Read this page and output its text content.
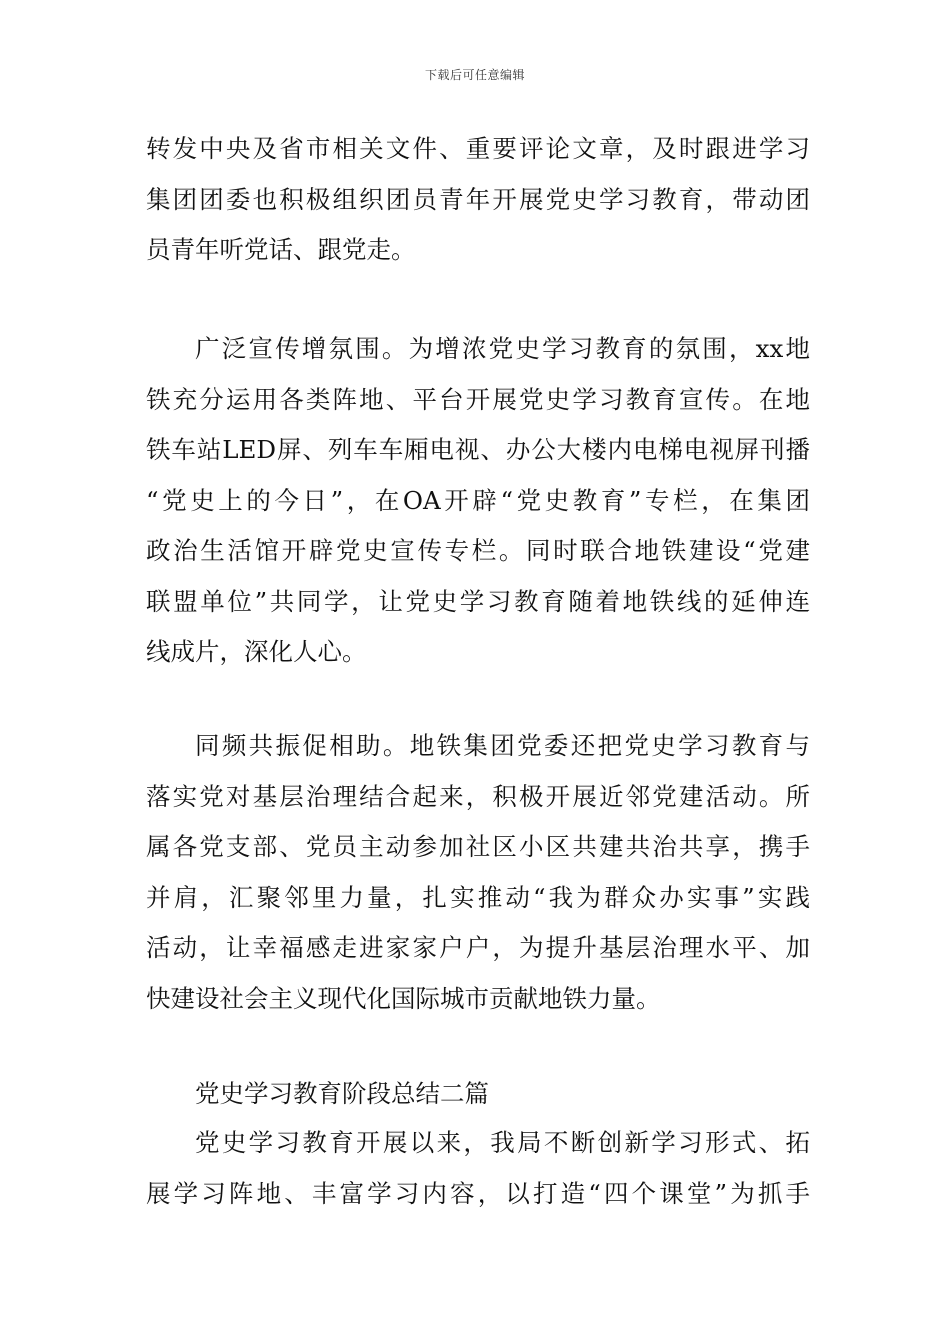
下载后可任意编辑
转发中央及省市相关文件、重要评论文章，及时跟进学习
集团团委也积极组织团员青年开展党史学习教育，带动团
员青年听党话、跟党走。
广泛宣传增氛围。为增浓党史学习教育的氛围，xx地
铁充分运用各类阵地、平台开展党史学习教育宣传。在地
铁车站LED屏、列车车厢电视、办公大楼内电梯电视屏刊播
“党史上的今日”，在OA开辟“党史教育”专栏，在集团
政治生活馆开辟党史宣传专栏。同时联合地铁建设“党建
联盟单位”共同学，让党史学习教育随着地铁线的延伸连
线成片，深化人心。
同频共振促相助。地铁集团党委还把党史学习教育与
落实党对基层治理结合起来，积极开展近邻党建活动。所
属各党支部、党员主动参加社区小区共建共治共享，携手
并肩，汇聚邻里力量，扎实推动“我为群众办实事”实践
活动，让幸福感走进家家户户，为提升基层治理水平、加
快建设社会主义现代化国际城市贡献地铁力量。
党史学习教育阶段总结二篇
党史学习教育开展以来，我局不断创新学习形式、拓
展学习阵地、丰富学习内容，以打造“四个课堂”为抓手
